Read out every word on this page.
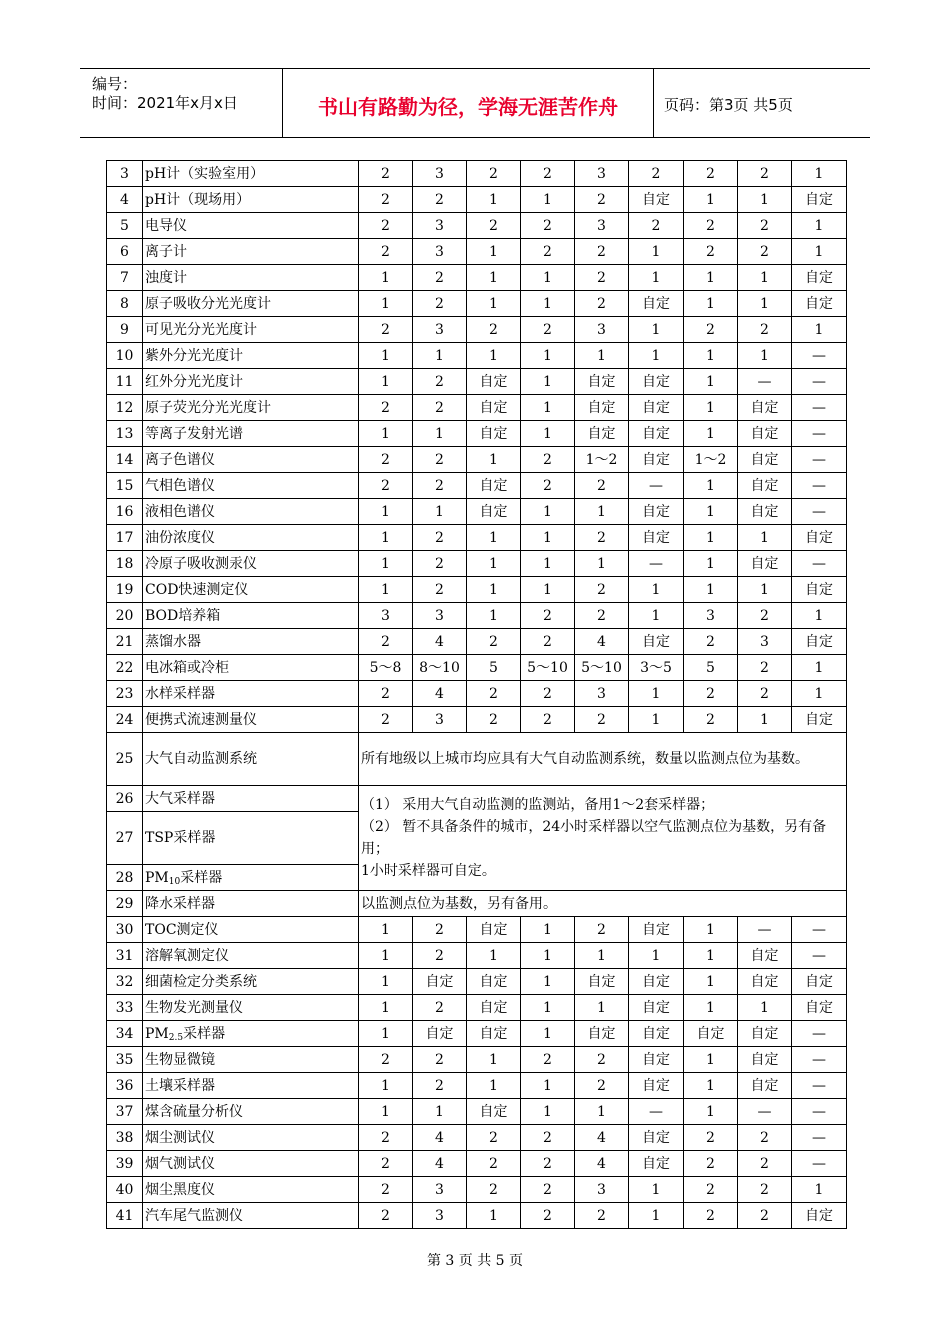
编号：
时间：2021年x月x日	书山有路勤为径，学海无涯苦作舟	页码：第3页 共5页
3	pH计（实验室用）	2	3	2	2	3	2	2	2	1
4	pH计（现场用）	2	2	1	1	2	自定	1	1	自定
5	电导仪	2	3	2	2	3	2	2	2	1
6	离子计	2	3	1	2	2	1	2	2	1
7	浊度计	1	2	1	1	2	1	1	1	自定
8	原子吸收分光光度计	1	2	1	1	2	自定	1	1	自定
9	可见光分光光度计	2	3	2	2	3	1	2	2	1
10	紫外分光光度计	1	1	1	1	1	1	1	1	—
11	红外分光光度计	1	2	自定	1	自定	自定	1	—	—
12	原子荧光分光光度计	2	2	自定	1	自定	自定	1	自定	—
13	等离子发射光谱	1	1	自定	1	自定	自定	1	自定	—
14	离子色谱仪	2	2	1	2	1～2	自定	1～2	自定	—
15	气相色谱仪	2	2	自定	2	2	—	1	自定	—
16	液相色谱仪	1	1	自定	1	1	自定	1	自定	—
17	油份浓度仪	1	2	1	1	2	自定	1	1	自定
18	冷原子吸收测汞仪	1	2	1	1	1	—	1	自定	—
19	COD快速测定仪	1	2	1	1	2	1	1	1	自定
20	BOD培养箱	3	3	1	2	2	1	3	2	1
21	蒸馏水器	2	4	2	2	4	自定	2	3	自定
22	电冰箱或冷柜	5～8	8～10	5	5～10	5～10	3～5	5	2	1
23	水样采样器	2	4	2	2	3	1	2	2	1
24	便携式流速测量仪	2	3	2	2	2	1	2	1	自定
25	大气自动监测系统	所有地级以上城市均应具有大气自动监测系统，数量以监测点位为基数。								
26	大气采样器	（1） 采用大气自动监测的监测站，备用1～2套采样器；

（2） 暂不具备条件的城市，24小时采样器以空气监测点位为基数，另有备用；

1小时采样器可自定。								

27	TSP采样器									
28	$PM_{10}$采样器									
29	降水采样器	以监测点位为基数，另有备用。								
30	TOC测定仪	1	2	自定	1	2	自定	1	—	—
31	溶解氧测定仪	1	2	1	1	1	1	1	自定	—
32	细菌检定分类系统	1	自定	自定	1	自定	自定	1	自定	自定
33	生物发光测量仪	1	2	自定	1	1	自定	1	1	自定
34	$PM_{2.5}$采样器	1	自定	自定	1	自定	自定	自定	自定	—
35	生物显微镜	2	2	1	2	2	自定	1	自定	—
36	土壤采样器	1	2	1	1	2	自定	1	自定	—
37	煤含硫量分析仪	1	1	自定	1	1	—	1	—	—
38	烟尘测试仪	2	4	2	2	4	自定	2	2	—
39	烟气测试仪	2	4	2	2	4	自定	2	2	—
40	烟尘黑度仪	2	3	2	2	3	1	2	2	1
41	汽车尾气监测仪	2	3	1	2	2	1	2	2	自定
第 3 页 共 5 页
